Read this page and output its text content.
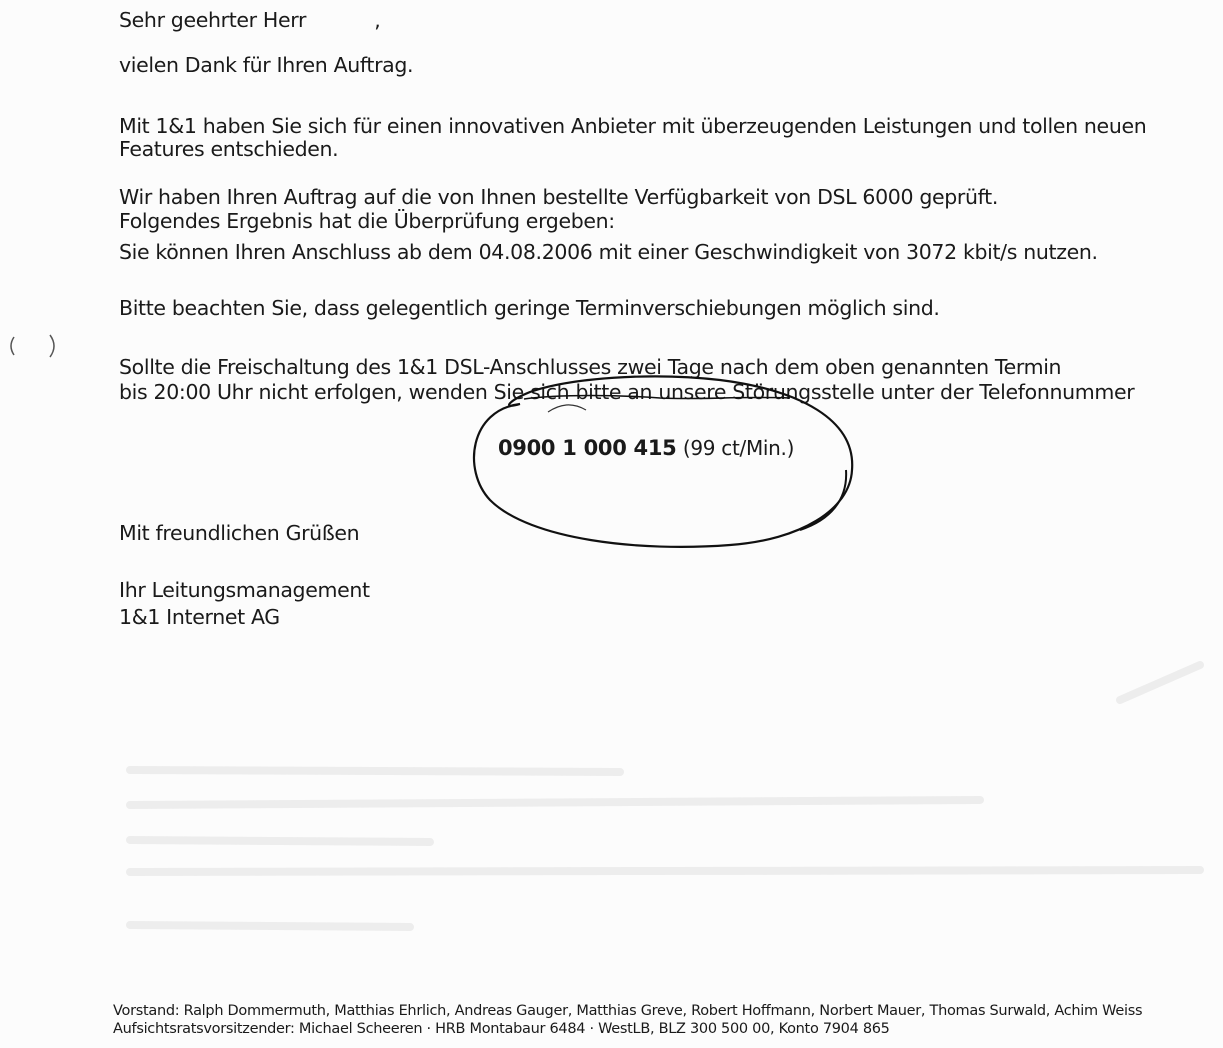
Sehr geehrter Herr	,
vielen Dank für Ihren Auftrag.
Mit 1&1 haben Sie sich für einen innovativen Anbieter mit überzeugenden Leistungen und tollen neuen
Features entschieden.
Wir haben Ihren Auftrag auf die von Ihnen bestellte Verfügbarkeit von DSL 6000 geprüft.
Folgendes Ergebnis hat die Überprüfung ergeben:
Sie können Ihren Anschluss ab dem 04.08.2006 mit einer Geschwindigkeit von 3072 kbit/s nutzen.
Bitte beachten Sie, dass gelegentlich geringe Terminverschiebungen möglich sind.
Sollte die Freischaltung des 1&1 DSL-Anschlusses zwei Tage nach dem oben genannten Termin
bis 20:00 Uhr nicht erfolgen, wenden Sie sich bitte an unsere Störungsstelle unter der Telefonnummer
0900 1 000 415 (99 ct/Min.)
Mit freundlichen Grüßen
Ihr Leitungsmanagement
1&1 Internet AG
Vorstand: Ralph Dommermuth, Matthias Ehrlich, Andreas Gauger, Matthias Greve, Robert Hoffmann, Norbert Mauer, Thomas Surwald, Achim Weiss
Aufsichtsratsvorsitzender: Michael Scheeren · HRB Montabaur 6484 · WestLB, BLZ 300 500 00, Konto 7904 865
